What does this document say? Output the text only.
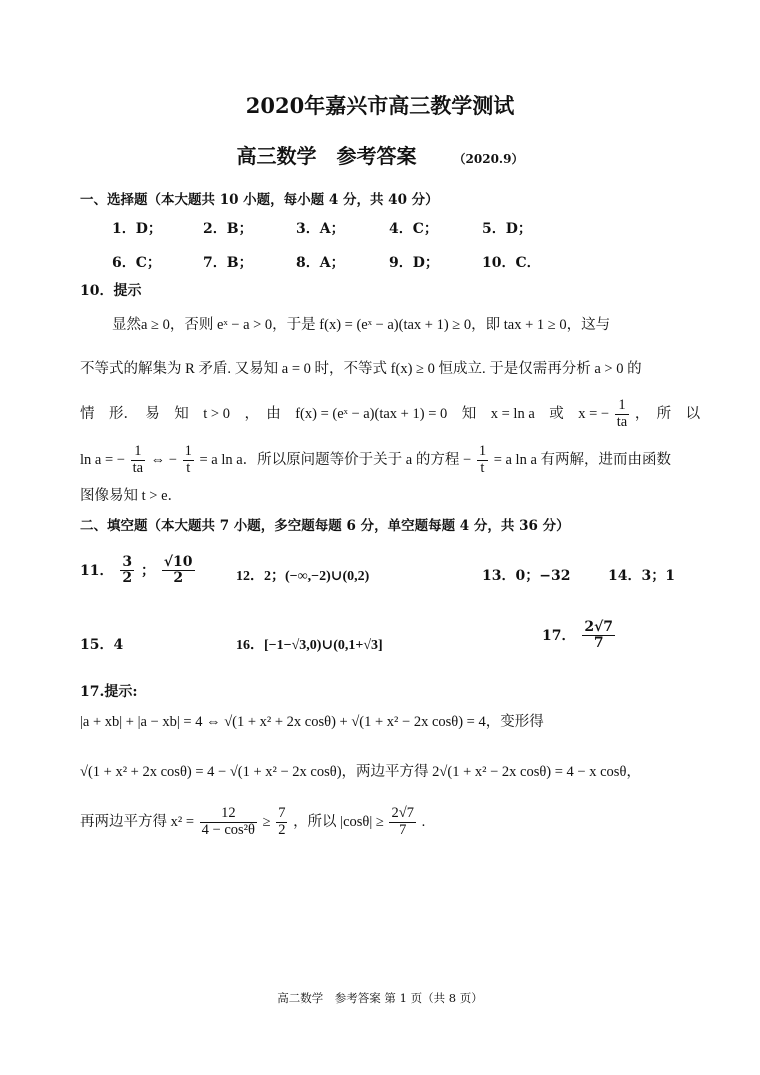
2020年嘉兴市高三教学测试
高三数学　参考答案	（2020.9）
一、选择题（本大题共 10 小题，每小题 4 分，共 40 分）
1．D；	2．B；	3．A；	4．C；	5．D；
6．C；	7．B；	8．A；	9．D；	10．C．
10．提示
显然a ≥ 0，否则 eˣ − a > 0，于是 f(x) = (eˣ − a)(tax + 1) ≥ 0，即 tax + 1 ≥ 0，这与
不等式的解集为 R 矛盾. 又易知 a = 0 时，不等式 f(x) ≥ 0 恒成立. 于是仅需再分析 a > 0 的
情　形．　易　知　t > 0　，　由　f(x) = (eˣ − a)(tax + 1) = 0　知　x = ln a　或　x = − $\frac{1}{ta}$ ，　所　以
ln a = − $\frac{1}{ta}$ ⇔ − $\frac{1}{t} = a$ ln a．所以原问题等价于关于 a 的方程 − $\frac{1}{t} = a$ ln a 有两解，进而由函数
图像易知 t > e．
二、填空题（本大题共 7 小题，多空题每题 6 分，单空题每题 4 分，共 36 分）
11． $\frac{3}{2}$ ； $\frac{√10}{2}$	12．2；(−∞,−2)∪(0,2)	13．0；−32	14．3；1
15．4	16．[−1−√3,0)∪(0,1+√3]
17． $\frac{2√7}{7}$
17.提示:
|a + xb| + |a − xb| = 4 ⇔ √(1 + x² + 2x cosθ) + √(1 + x² − 2x cosθ) = 4，变形得
√(1 + x² + 2x cosθ) = 4 − √(1 + x² − 2x cosθ)，两边平方得 2√(1 + x² − 2x cosθ) = 4 − x cosθ，
再两边平方得 $x^2 = \frac{12}{\text{4 − cos²θ}} \ge \frac{7}{2}$ ，所以 $|\cos\theta| \ge \frac{2√7}{7}$ .
高二数学　参考答案 第 1 页（共 8 页）
